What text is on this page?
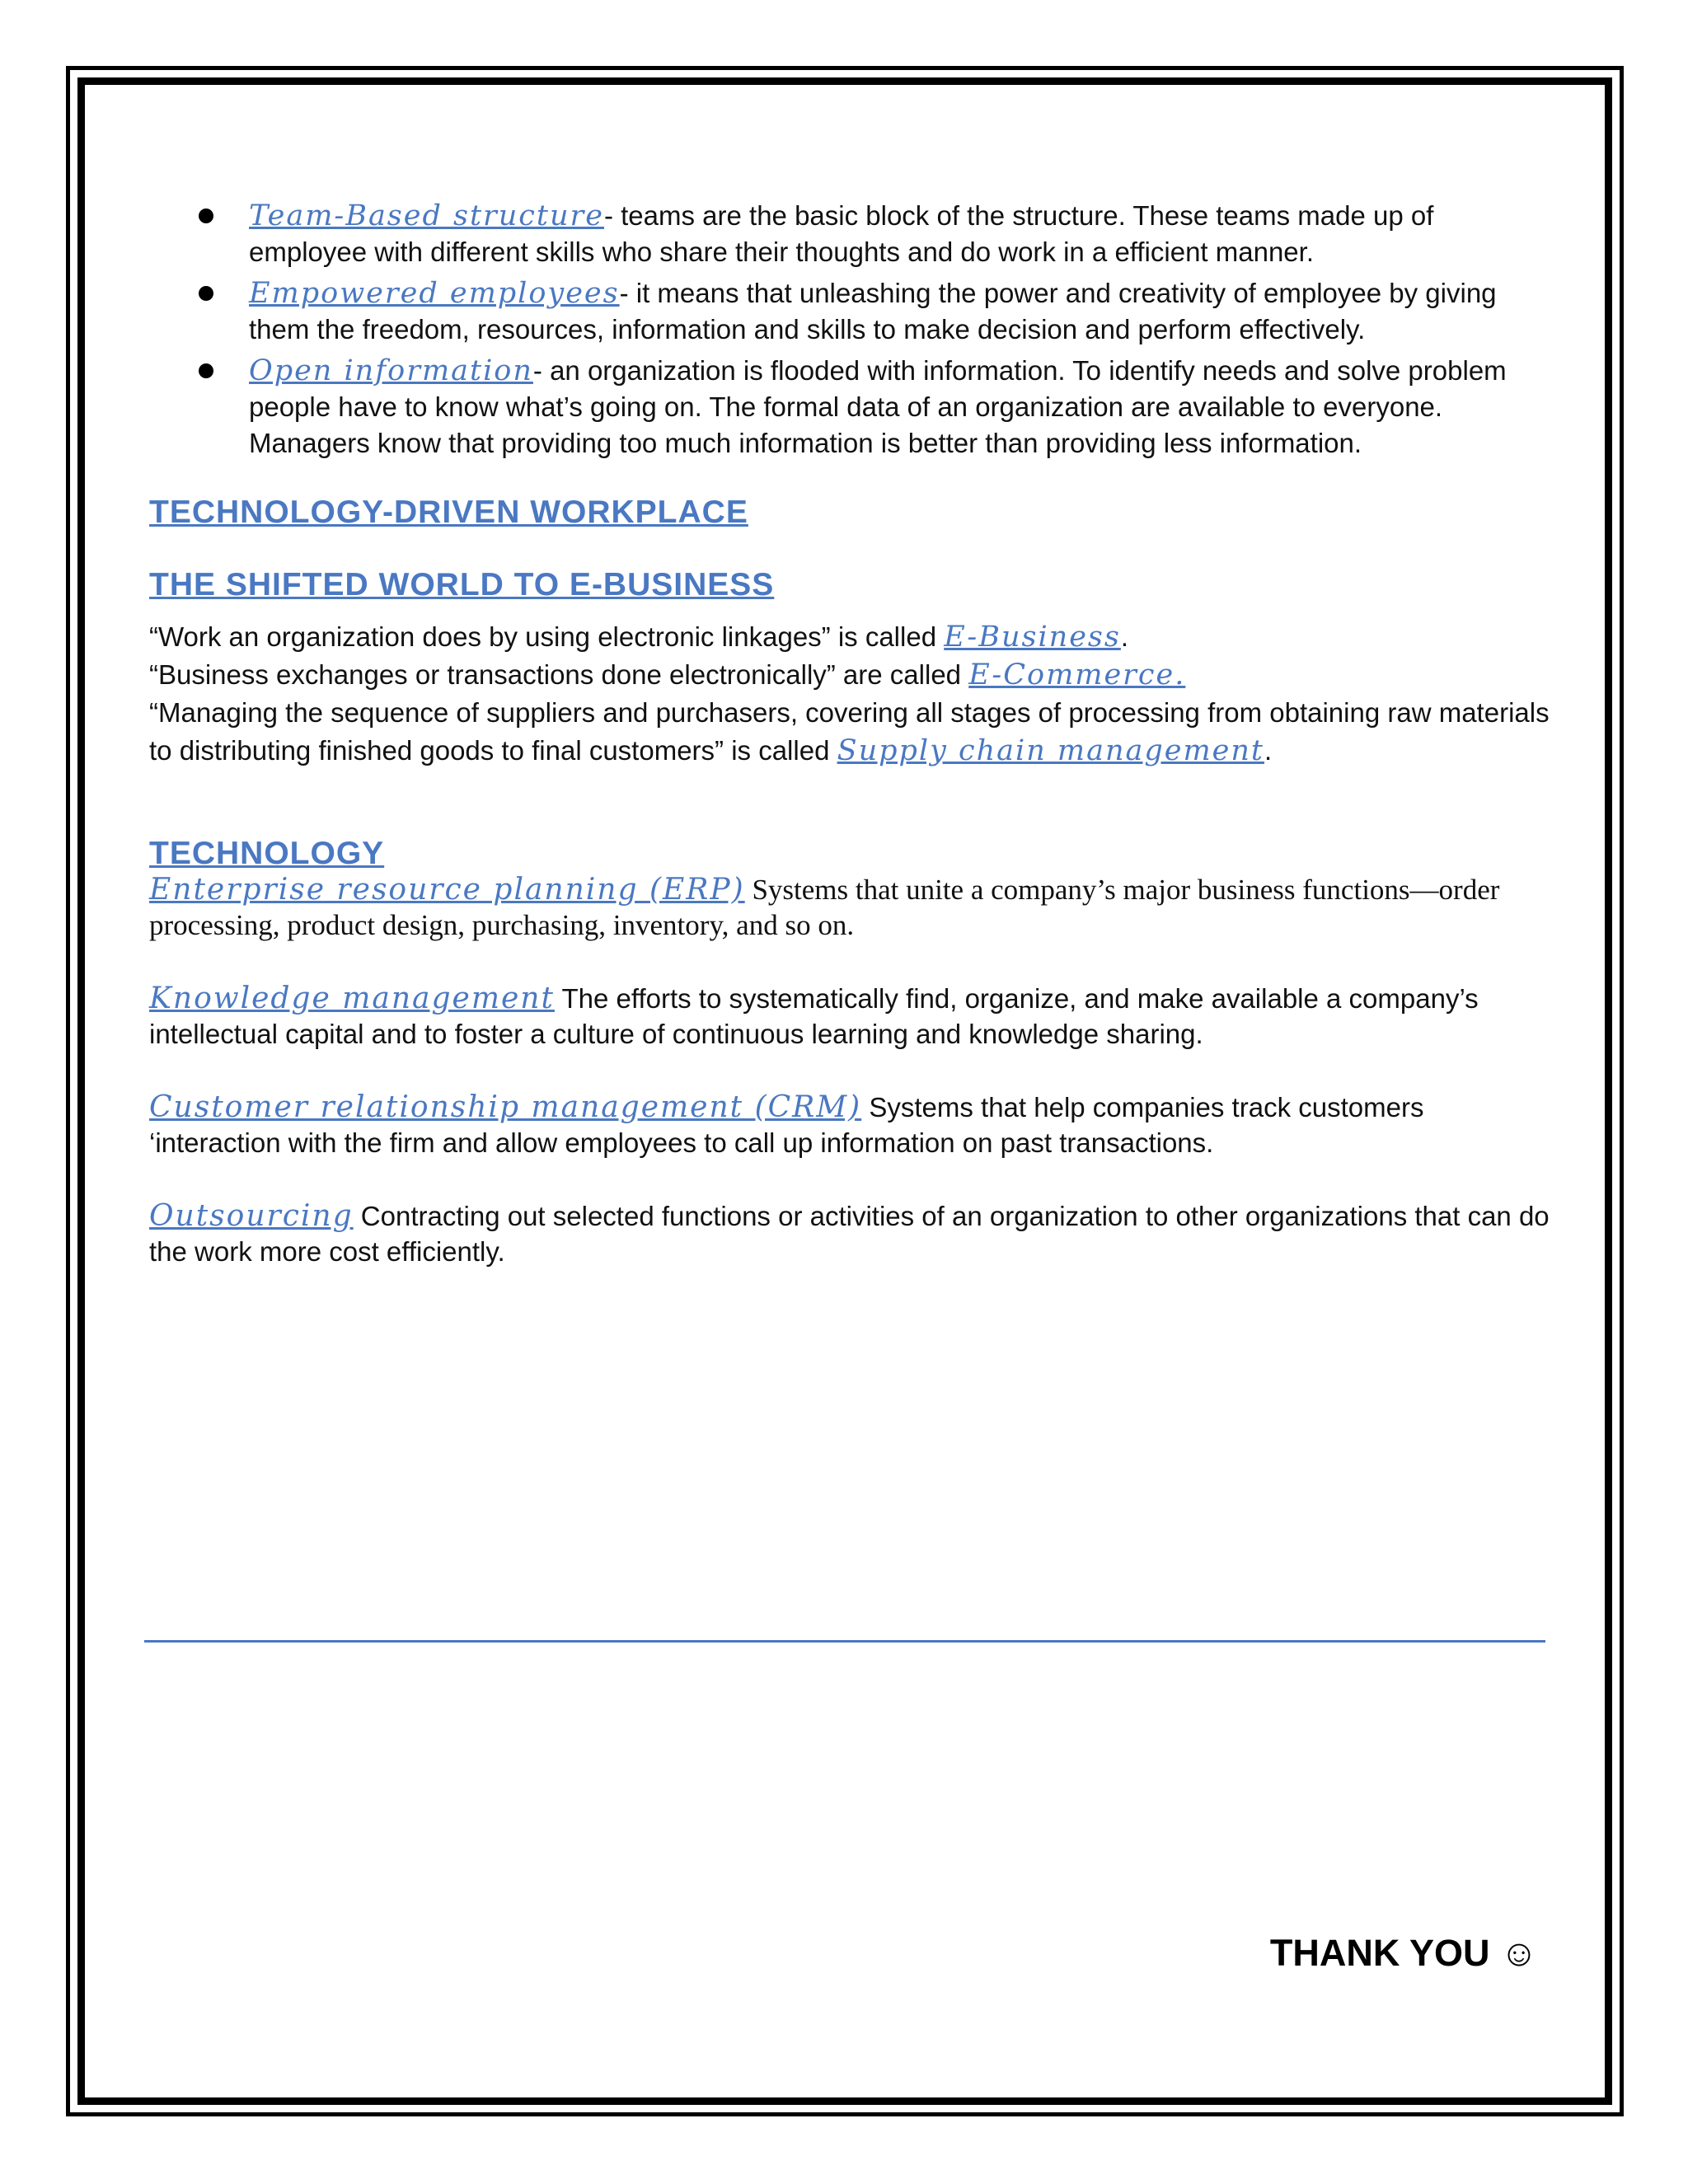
Team-Based structure- teams are the basic block of the structure. These teams made up of employee with different skills who share their thoughts and do work in a efficient manner.
Empowered employees- it means that unleashing the power and creativity of employee by giving them the freedom, resources, information and skills to make decision and perform effectively.
Open information- an organization is flooded with information. To identify needs and solve problem people have to know what’s going on. The formal data of an organization are available to everyone. Managers know that providing too much information is better than providing less information.
TECHNOLOGY-DRIVEN WORKPLACE
THE SHIFTED WORLD TO E-BUSINESS

“Work an organization does by using electronic linkages” is called E-Business.

“Business exchanges or transactions done electronically” are called E-Commerce.

“Managing the sequence of suppliers and purchasers, covering all stages of processing from obtaining raw materials to distributing finished goods to final customers” is called Supply chain management.

TECHNOLOGY

Enterprise resource planning (ERP) Systems that unite a company’s major business functions—order processing, product design, purchasing, inventory, and so on.

Knowledge management The efforts to systematically find, organize, and make available a company’s intellectual capital and to foster a culture of continuous learning and knowledge sharing.

Customer relationship management (CRM) Systems that help companies track customers ‘interaction with the firm and allow employees to call up information on past transactions.

Outsourcing Contracting out selected functions or activities of an organization to other organizations that can do the work more cost efficiently.

THANK YOU ☺
